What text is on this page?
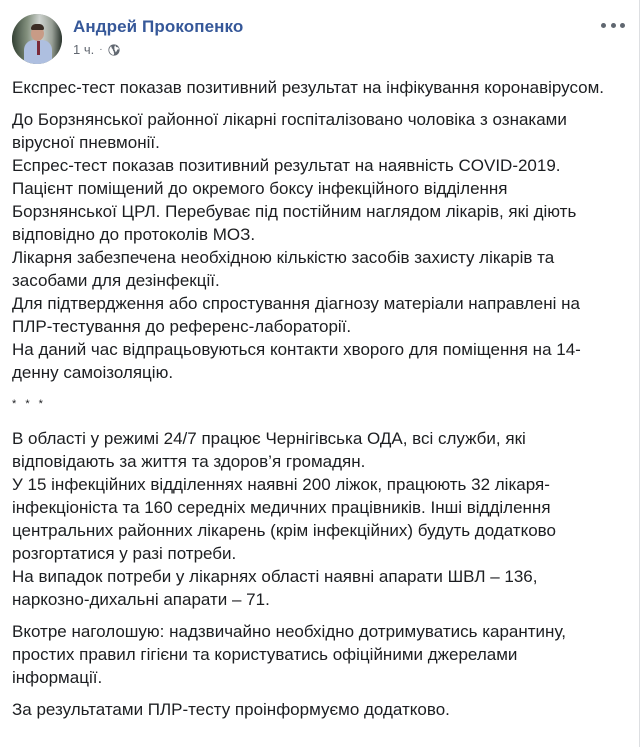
Андрей Прокопенко
1 ч. ·

Експрес-тест показав позитивний результат на інфікування коронавірусом.

До Борзнянської районної лікарні госпіталізовано чоловіка з ознаками
вірусної пневмонії.
Еспрес-тест показав позитивний результат на наявність COVID-2019.
Пацієнт поміщений до окремого боксу інфекційного відділення
Борзнянської ЦРЛ. Перебуває під постійним наглядом лікарів, які діють
відповідно до протоколів МОЗ.
Лікарня забезпечена необхідною кількістю засобів захисту лікарів та
засобами для дезінфекції.
Для підтвердження або спростування діагнозу матеріали направлені на
ПЛР-тестування до референс-лабораторії.
На даний час відпрацьовуються контакти хворого для поміщення на 14-
денну самоізоляцію.

* * *

В області у режимі 24/7 працює Чернігівська ОДА, всі служби, які
відповідають за життя та здоров’я громадян.
У 15 інфекційних відділеннях наявні 200 ліжок, працюють 32 лікаря-
інфекціоніста та 160 середніх медичних працівників. Інші відділення
центральних районних лікарень (крім інфекційних) будуть додатково
розгортатися у разі потреби.
На випадок потреби у лікарнях області наявні апарати ШВЛ – 136,
наркозно-дихальні апарати – 71.

Вкотре наголошую: надзвичайно необхідно дотримуватись карантину,
простих правил гігієни та користуватись офіційними джерелами
інформації.

За результатами ПЛР-тесту проінформуємо додатково.
